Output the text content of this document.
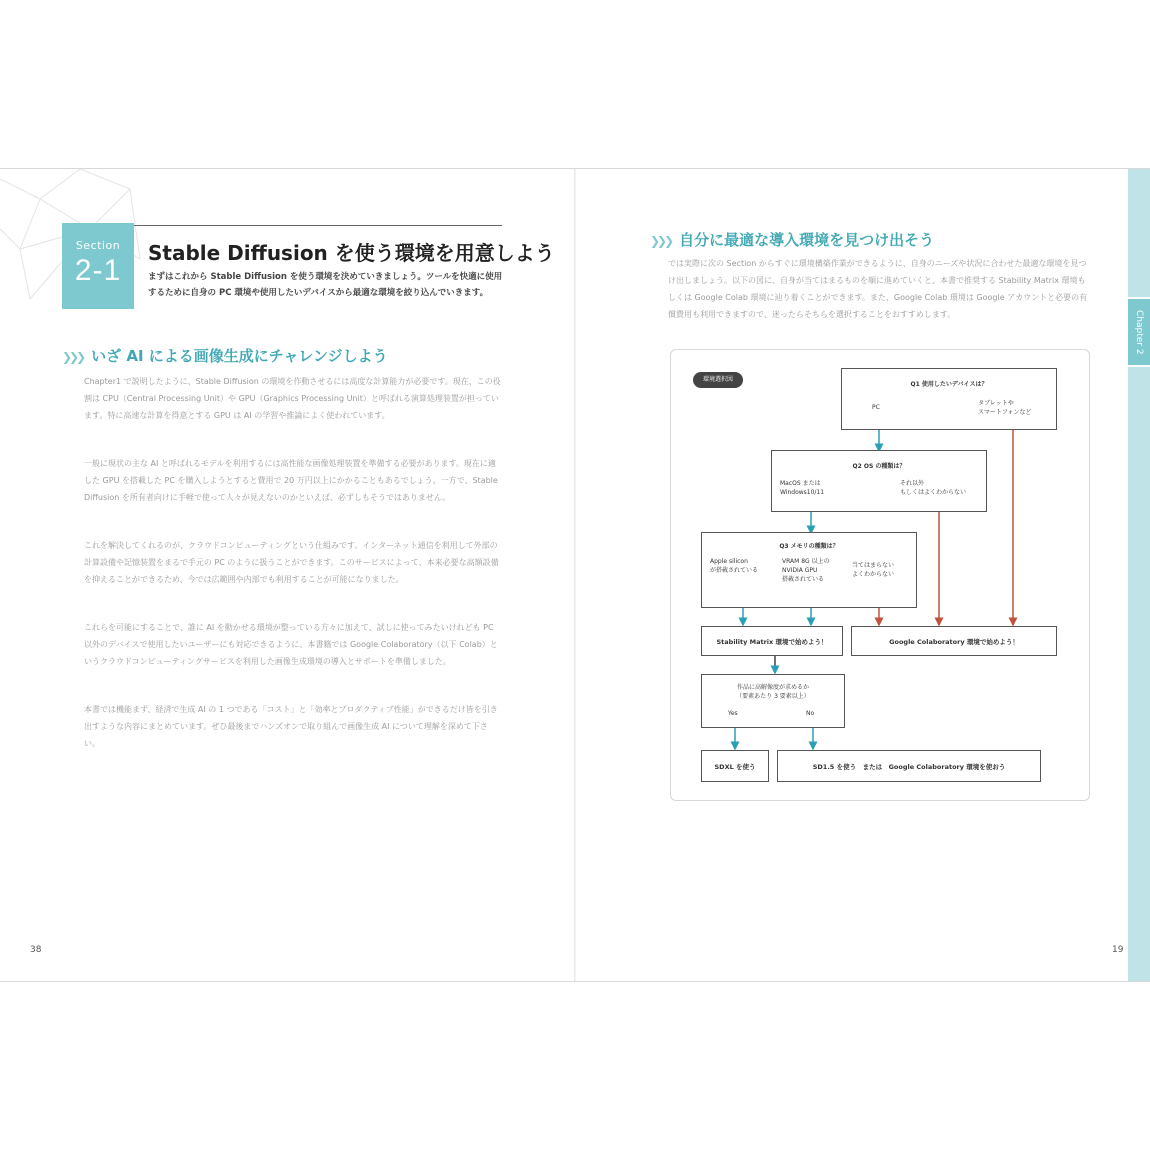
Section
2-1
Stable Diffusion を使う環境を用意しよう
まずはこれから Stable Diffusion を使う環境を決めていきましょう。ツールを快適に使用するために自身の PC 環境や使用したいデバイスから最適な環境を絞り込んでいきます。
❯❯❯ いざ AI による画像生成にチャレンジしよう

Chapter1 で説明したように、Stable Diffusion の環境を作動させるには高度な計算能力が必要です。現在、この役割は CPU（Central Processing Unit）や GPU（Graphics Processing Unit）と呼ばれる演算処理装置が担っています。特に高速な計算を得意とする GPU は AI の学習や推論によく使われています。

一般に現状の主な AI と呼ばれるモデルを利用するには高性能な画像処理装置を準備する必要があります。現在に適した GPU を搭載した PC を購入しようとすると費用で 20 万円以上にかかることもあるでしょう。一方で、Stable Diffusion を所有者向けに手軽で使って人々が見えないのかといえば、必ずしもそうではありません。

これを解決してくれるのが、クラウドコンピューティングという仕組みです。インターネット通信を利用して外部の計算設備や記憶装置をまるで手元の PC のように扱うことができます。このサービスによって、本来必要な高額設備を抑えることができるため、今では広範囲や内部でも利用することが可能になりました。

これらを可能にすることで、誰に AI を動かせる環境が整っている方々に加えて、試しに使ってみたいけれども PC 以外のデバイスで使用したいユーザーにも対応できるように、本書籍では Google Colaboratory（以下 Colab）というクラウドコンピューティングサービスを利用した画像生成環境の導入とサポートを準備しました。

本書では機能まず、経済で生成 AI の 1 つである「コスト」と「効率とプロダクティブ性能」ができるだけ皆を引き出すような内容にまとめています。ぜひ最後までハンズオンで取り組んで画像生成 AI について理解を深めて下さい。

38
❯❯❯ 自分に最適な導入環境を見つけ出そう

では実際に次の Section からすぐに環境構築作業ができるように、自身のニーズや状況に合わせた最適な環境を見つけ出しましょう。以下の図に、自身が当てはまるものを順に進めていくと、本書で推奨する Stability Matrix 環境もしくは Google Colab 環境に辿り着くことができます。また、Google Colab 環境は Google アカウントと必要の有償費用も利用できますので、迷ったらそちらを選択することをおすすめします。

環境選択図
Q1 使用したいデバイスは？
PC
タブレットや
スマートフォンなど
Q2 OS の種類は？
MacOS または
Windows10/11
それ以外
もしくはよくわからない
Q3 メモリの種類は？
Apple silicon
が搭載されている
VRAM 8G 以上の
NVIDIA GPU
搭載されている
当てはまらない
よくわからない
Stability Matrix 環境で始めよう！	Google Colaboratory 環境で始めよう！
作品に高解像度が求めるか
（要素あたり 3 要素以上）
Yes	No
SDXL を使う	SD1.5 を使う　または　Google Colaboratory 環境を使おう
Chapter 2
19
